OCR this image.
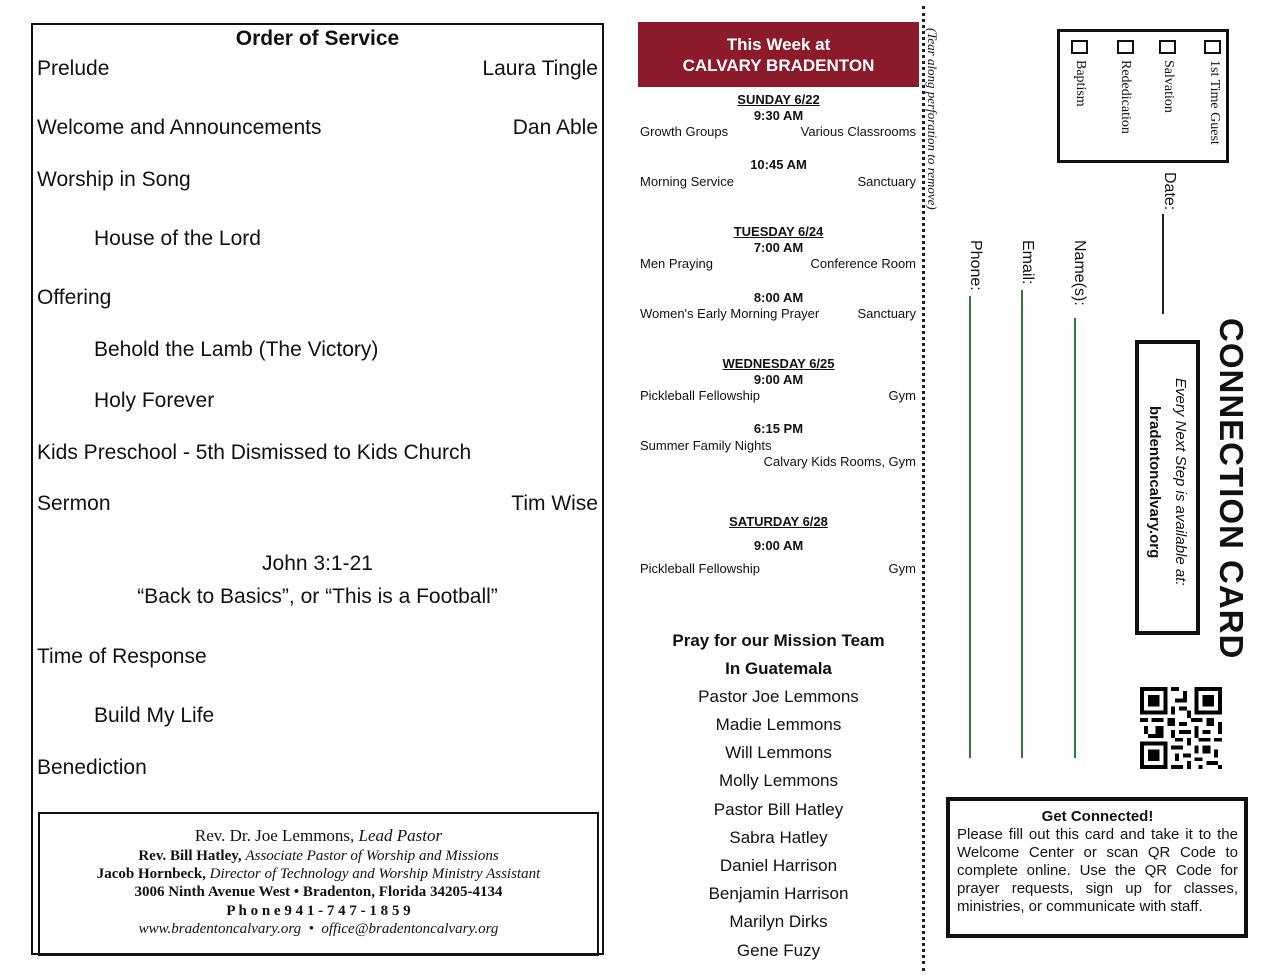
Order of Service
Prelude	Laura Tingle
Welcome and Announcements	Dan Able
Worship in Song
House of the Lord
Offering
Behold the Lamb (The Victory)
Holy Forever
Kids Preschool - 5th Dismissed to Kids Church
Sermon	Tim Wise
John 3:1-21
“Back to Basics”, or “This is a Football”
Time of Response
Build My Life
Benediction
Rev. Dr. Joe Lemmons, Lead Pastor
Rev. Bill Hatley, Associate Pastor of Worship and Missions
Jacob Hornbeck, Director of Technology and Worship Ministry Assistant
3006 Ninth Avenue West • Bradenton, Florida 34205-4134
P h o n e 9 4 1 - 7 4 7 - 1 8 5 9
www.bradentoncalvary.org • office@bradentoncalvary.org
This Week at
CALVARY BRADENTON
SUNDAY 6/22
9:30 AM
Growth Groups	Various Classrooms
10:45 AM
Morning Service	Sanctuary
TUESDAY 6/24
7:00 AM
Men Praying	Conference Room
8:00 AM
Women's Early Morning Prayer	Sanctuary
WEDNESDAY 6/25
9:00 AM
Pickleball Fellowship	Gym
6:15 PM
Summer Family Nights
Calvary Kids Rooms, Gym
SATURDAY 6/28
9:00 AM
Pickleball Fellowship	Gym
Pray for our Mission Team
In Guatemala
Pastor Joe Lemmons
Madie Lemmons
Will Lemmons
Molly Lemmons
Pastor Bill Hatley
Sabra Hatley
Daniel Harrison
Benjamin Harrison
Marilyn Dirks
Gene Fuzy
(Tear along perforation to remove)	1st Time Guest
Salvation
Rededication
Baptism
Date:
Name(s):
Email:
Phone:
CONNECTION CARD
Every Next Step is available at:
bradentoncalvary.org
Get Connected!
Please fill out this card and take it to the Welcome Center or scan QR Code to complete online. Use the QR Code for prayer requests, sign up for classes, ministries, or communicate with staff.
